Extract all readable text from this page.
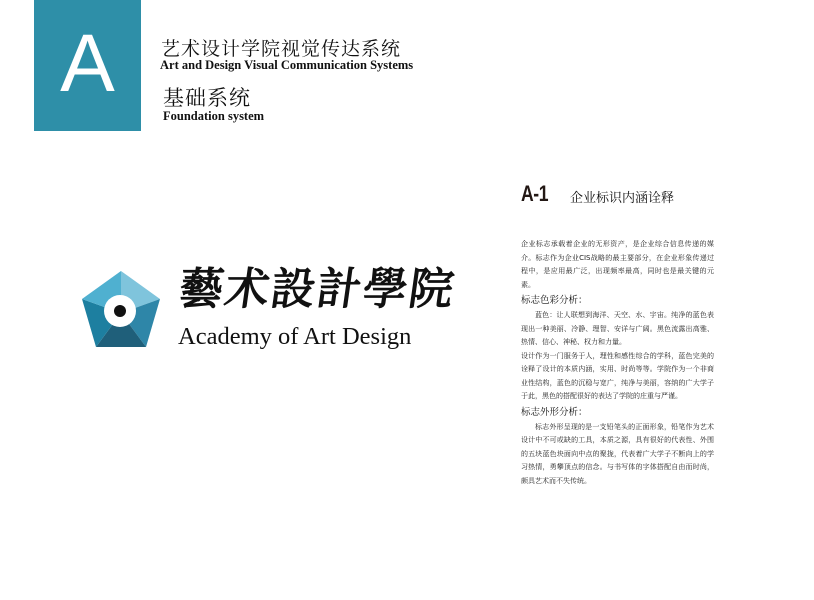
A 艺术设计学院视觉传达系统
Art and Design Visual Communication Systems
基础系统
Foundation system
藝术設計學院
Academy of Art Design
A-1 企业标识内涵诠释

企业标志承载着企业的无形资产，是企业综合信息传递的媒介。标志作为企业CIS战略的最主要部分，在企业形象传递过程中，是应用最广泛，出现频率最高，同时也是最关键的元素。

标志色彩分析：

蓝色：让人联想到海洋、天空、水、宇宙。纯净的蓝色表现出一种美丽、冷静、理智、安详与广阔。黑色流露出高雅、热情、信心、神秘、权力和力量。

设计作为一门服务于人，理性和感性综合的学科，蓝色完美的诠释了设计的本质内涵，实用、时尚等等。学院作为一个非商业性结构，蓝色的沉稳与宽广，纯净与美丽，容纳的广大学子于此，黑色的搭配很好的表达了学院的庄重与严谨。

标志外形分析：

标志外形呈现的是一支铅笔头的正面形象，铅笔作为艺术设计中不可或缺的工具，本质之源，具有很好的代表性、外围的五块蓝色块面向中点的聚拢，代表着广大学子不断向上的学习热情，勇攀顶点的信念。与书写体的字体搭配自由而时尚，颇具艺术而不失传统。
